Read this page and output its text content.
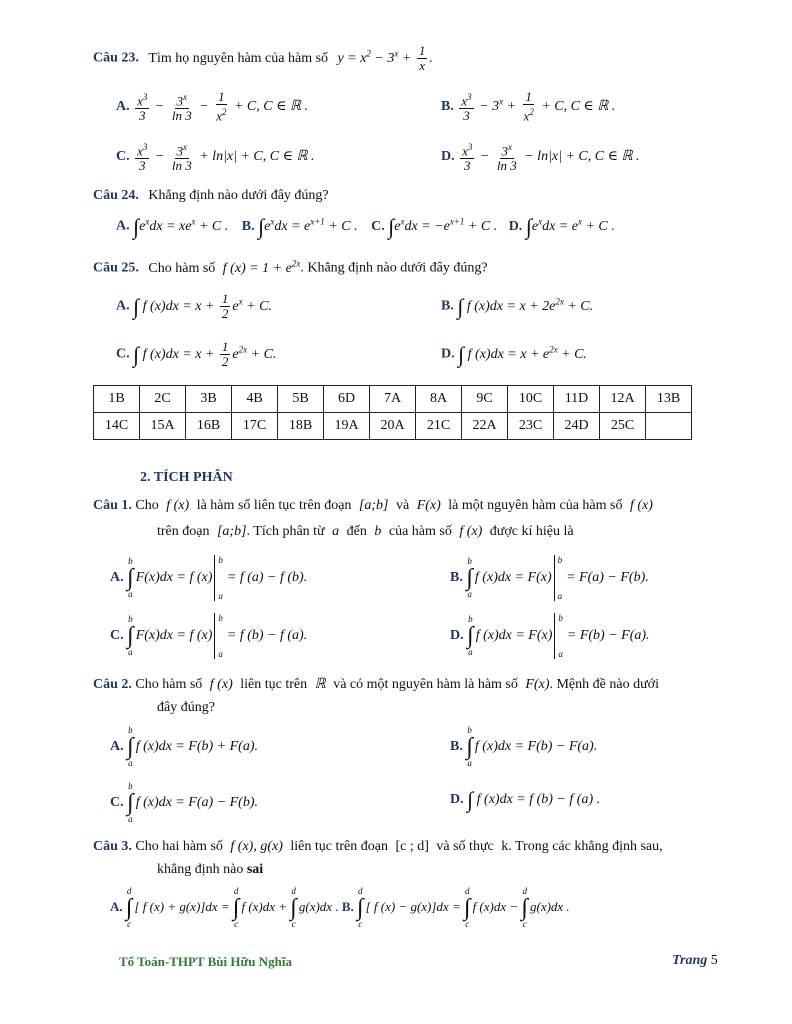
Câu 23. Tìm họ nguyên hàm của hàm số $y = x^2 - 3^x + \frac{1}{x}$ .
A. $\frac{x^3}{3} - \frac{3^x}{\ln 3} - \frac{1}{x^2} + C$, C ∈ ℝ .	B. $\frac{x^3}{3} - 3^x + \frac{1}{x^2} + C$, C ∈ ℝ .
C. $\frac{x^3}{3} - \frac{3^x}{\ln 3} + \ln|x| + C$, C ∈ ℝ .	D. $\frac{x^3}{3} - \frac{3^x}{\ln 3} - \ln|x| + C$, C ∈ ℝ .
Câu 24. Khẳng định nào dưới đây đúng?
A. $\int e^xdx = xe^x + C$ . B. $\int e^xdx = e^{x+1} + C$ . C. $\int e^xdx = -e^{x+1} + C$ . D. $\int e^xdx = e^x + C$ .
Câu 25. Cho hàm số f $(x) = 1 + e^{2x}$. Khẳng định nào dưới đây đúng?
A. ∫ f $(x)dx = x + \frac{1}{2} e^x + C$.	B. ∫ f $(x)dx = x + 2e^{2x} + C$.
C. ∫ f $(x)dx = x + \frac{1}{2} e^{2x} + C$.	D. ∫ f $(x)dx = x + e^{2x} + C$.
1B	2C	3B	4B	5B	6D	7A	8A	9C	10C	11D	12A	13B
14C	15A	16B	17C	18B	19A	20A	21C	22A	23C	24D	25C	
2. TÍCH PHÂN
Câu 1. Cho f (x) là hàm số liên tục trên đoạn [a;b] và F(x) là một nguyên hàm của hàm số f (x)
trên đoạn [a;b]. Tích phân từ a đến b của hàm số f (x) được kí hiệu là
A.
b
∫
a
F(x)dx = f (x)
b
a
= f (a) − f (b).	B.
b
∫
a
f (x)dx = F(x)
b
a
= F(a) − F(b).
C.
b
∫
a
F(x)dx = f (x)
b
a
= f (b) − f (a).	D.
b
∫
a
f (x)dx = F(x)
b
a
= F(b) − F(a).
Câu 2. Cho hàm số f (x) liên tục trên ℝ và có một nguyên hàm là hàm số F(x). Mệnh đề nào dưới
đây đúng?
A.
b
∫
a
f (x)dx = F(b) + F(a).	B.
b
∫
a
f (x)dx = F(b) − F(a).
C.
b
∫
a
f (x)dx = F(a) − F(b).	D. ∫ f (x)dx = f (b) − f (a) .
Câu 3. Cho hai hàm số f (x), g(x) liên tục trên đoạn [c ; d] và số thực k. Trong các khẳng định sau,
khẳng định nào sai
A.
d
∫
c
[ f (x) + g(x)]dx =
d
∫
c
f (x)dx +
d
∫
c
g(x)dx . B.
d
∫
c
[ f (x) − g(x)]dx =
d
∫
c
f (x)dx −
d
∫
c
g(x)dx .
Tổ Toán-THPT Bùi Hữu Nghĩa	Trang 5
